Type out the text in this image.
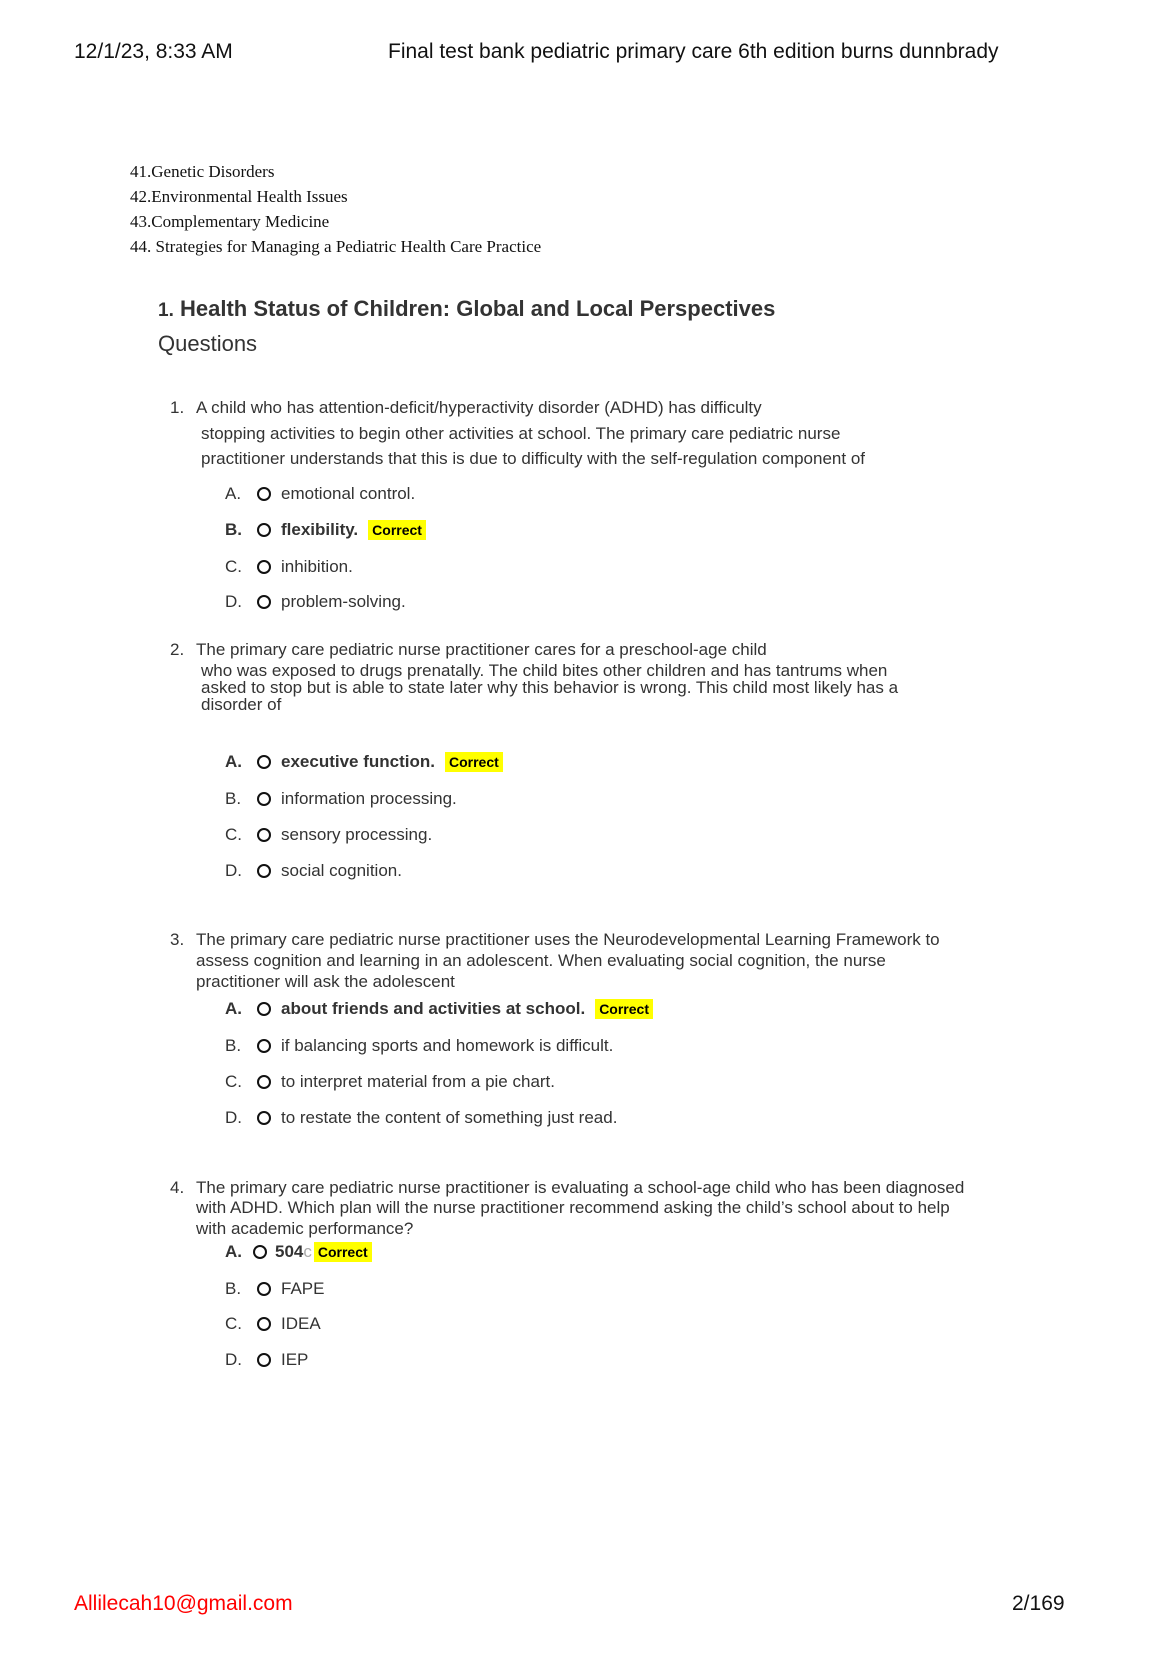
12/1/23, 8:33 AM	Final test bank pediatric primary care 6th edition burns dunnbrady
41.Genetic Disorders
42.Environmental Health Issues
43.Complementary Medicine
44. Strategies for Managing a Pediatric Health Care Practice
1. Health Status of Children: Global and Local Perspectives
Questions
1. A child who has attention-deficit/hyperactivity disorder (ADHD) has difficulty
stopping activities to begin other activities at school. The primary care pediatric nurse
practitioner understands that this is due to difficulty with the self-regulation component of
A.	emotional control.
B.	flexibility. Correct
C.	inhibition.
D.	problem-solving.
2. The primary care pediatric nurse practitioner cares for a preschool-age child
who was exposed to drugs prenatally. The child bites other children and has tantrums when
asked to stop but is able to state later why this behavior is wrong. This child most likely has a
disorder of
A.	executive function. Correct
B.	information processing.
C.	sensory processing.
D.	social cognition.
3. The primary care pediatric nurse practitioner uses the Neurodevelopmental Learning Framework to
assess cognition and learning in an adolescent. When evaluating social cognition, the nurse
practitioner will ask the adolescent
A.	about friends and activities at school. Correct
B.	if balancing sports and homework is difficult.
C.	to interpret material from a pie chart.
D.	to restate the content of something just read.
4. The primary care pediatric nurse practitioner is evaluating a school-age child who has been diagnosed
with ADHD. Which plan will the nurse practitioner recommend asking the child’s school about to help
with academic performance?
A.	504 c Correct
B.	FAPE
C.	IDEA
D.	IEP
Allilecah10@gmail.com	2/169
